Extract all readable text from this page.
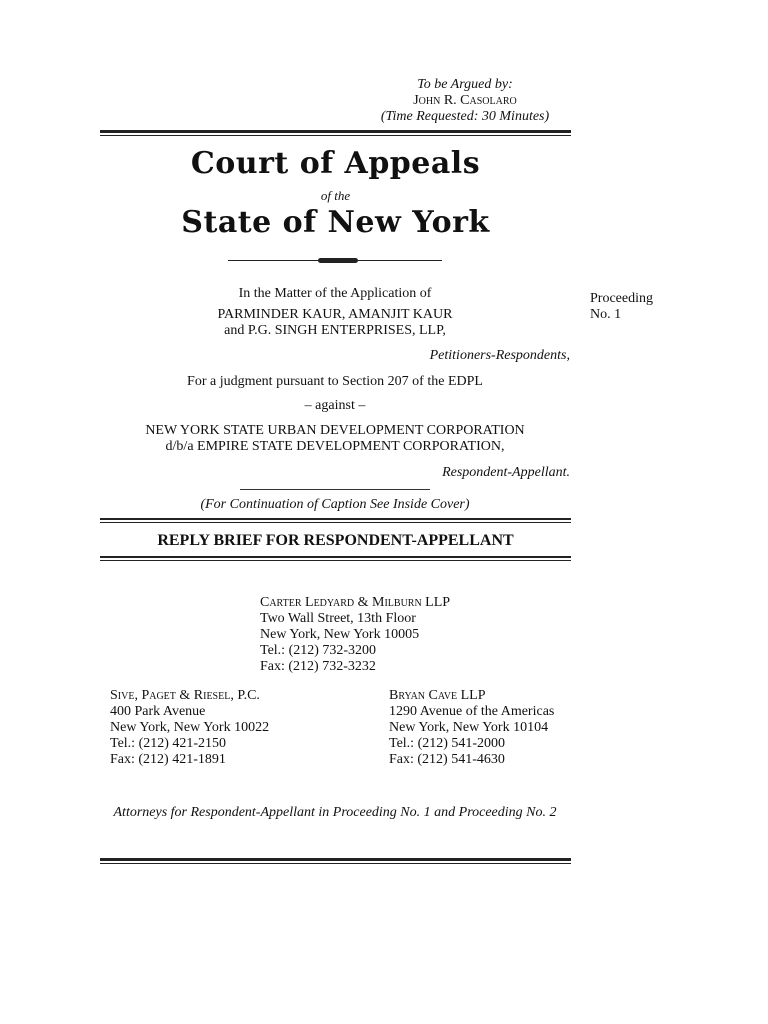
To be Argued by:
John R. Casolaro
(Time Requested: 30 Minutes)
Court of Appeals
of the
State of New York
In the Matter of the Application of
PARMINDER KAUR, AMANJIT KAUR
and P.G. SINGH ENTERPRISES, LLP,
Proceeding
No. 1
Petitioners-Respondents,
For a judgment pursuant to Section 207 of the EDPL
– against –
NEW YORK STATE URBAN DEVELOPMENT CORPORATION
d/b/a EMPIRE STATE DEVELOPMENT CORPORATION,
Respondent-Appellant.
(For Continuation of Caption See Inside Cover)
REPLY BRIEF FOR RESPONDENT-APPELLANT
Carter Ledyard & Milburn LLP
Two Wall Street, 13th Floor
New York, New York 10005
Tel.: (212) 732-3200
Fax: (212) 732-3232
Sive, Paget & Riesel, P.C.
400 Park Avenue
New York, New York 10022
Tel.: (212) 421-2150
Fax: (212) 421-1891
Bryan Cave LLP
1290 Avenue of the Americas
New York, New York 10104
Tel.: (212) 541-2000
Fax: (212) 541-4630
Attorneys for Respondent-Appellant in Proceeding No. 1 and Proceeding No. 2
